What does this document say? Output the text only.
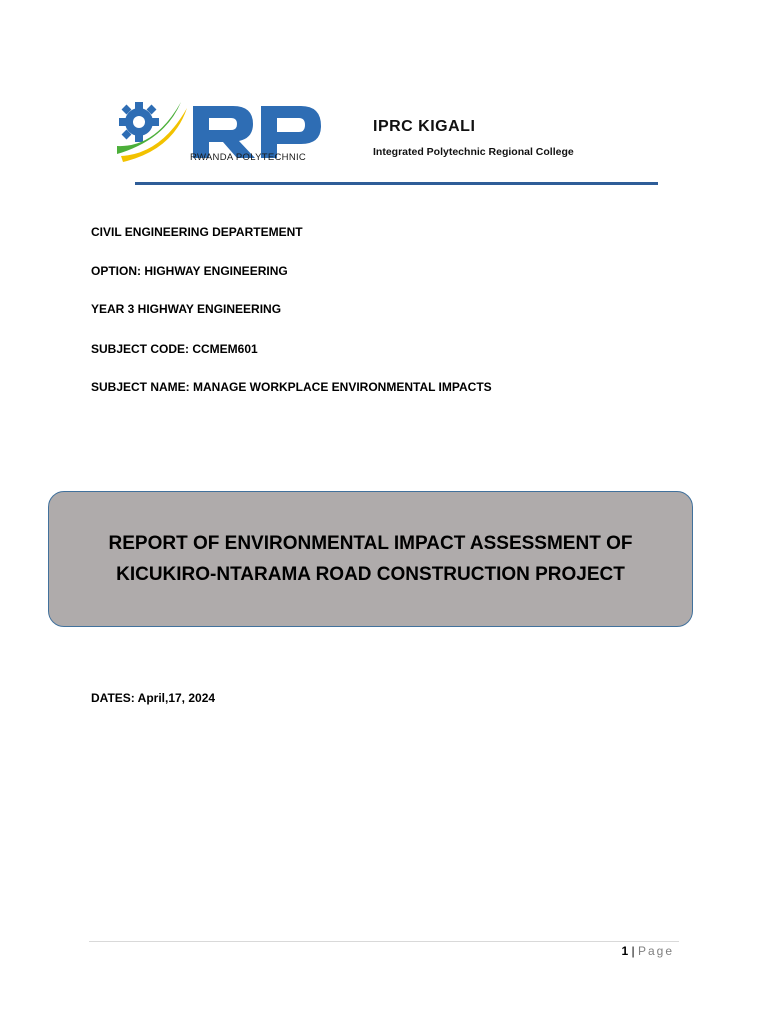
RWANDA POLYTECHNIC
IPRC KIGALI
Integrated Polytechnic Regional College
CIVIL ENGINEERING DEPARTEMENT
OPTION: HIGHWAY ENGINEERING
YEAR 3 HIGHWAY ENGINEERING
SUBJECT CODE: CCMEM601
SUBJECT NAME: MANAGE WORKPLACE ENVIRONMENTAL IMPACTS
REPORT OF ENVIRONMENTAL IMPACT ASSESSMENT OF
KICUKIRO-NTARAMA ROAD CONSTRUCTION PROJECT
DATES: April,17, 2024
1 | Page
